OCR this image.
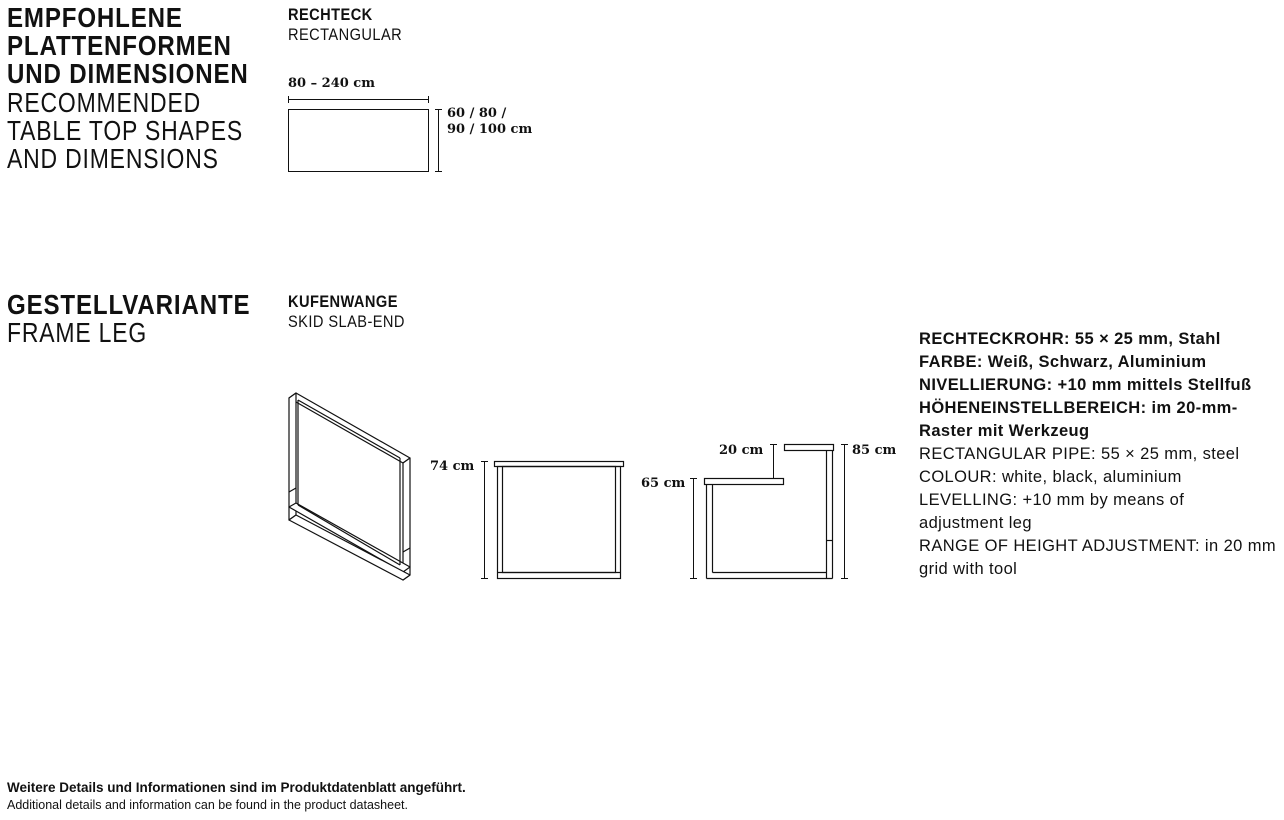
EMPFOHLENE
PLATTENFORMEN
UND DIMENSIONEN
RECOMMENDED
TABLE TOP SHAPES
AND DIMENSIONS
RECHTECK
RECTANGULAR
80 – 240 cm
60 / 80 /
90 / 100 cm
GESTELLVARIANTE
FRAME LEG
KUFENWANGE
SKID SLAB-END
74 cm
65 cm
20 cm	85 cm
RECHTECKROHR: 55 × 25 mm, Stahl
FARBE: Weiß, Schwarz, Aluminium
NIVELLIERUNG: +10 mm mittels Stellfuß
HÖHENEINSTELLBEREICH: im 20-mm-
Raster mit Werkzeug
RECTANGULAR PIPE: 55 × 25 mm, steel
COLOUR: white, black, aluminium
LEVELLING: +10 mm by means of
adjustment leg
RANGE OF HEIGHT ADJUSTMENT: in 20 mm
grid with tool
Weitere Details und Informationen sind im Produktdatenblatt angeführt.
Additional details and information can be found in the product datasheet.
